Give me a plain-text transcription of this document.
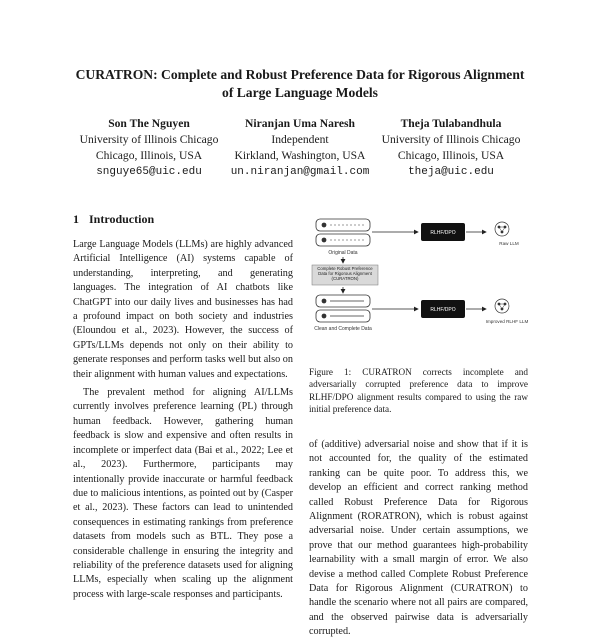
CURATRON: Complete and Robust Preference Data for Rigorous Alignment of Large Language Models
Son The Nguyen
University of Illinois Chicago
Chicago, Illinois, USA
snguye65@uic.edu
Niranjan Uma Naresh
Independent
Kirkland, Washington, USA
un.niranjan@gmail.com
Theja Tulabandhula
University of Illinois Chicago
Chicago, Illinois, USA
theja@uic.edu
1 Introduction

Large Language Models (LLMs) are highly advanced Artificial Intelligence (AI) systems capable of understanding, interpreting, and generating languages. The integration of AI chatbots like ChatGPT into our daily lives and businesses has had a profound impact on both society and industries (Eloundou et al., 2023). However, the success of GPTs/LLMs depends not only on their ability to generate responses and perform tasks well but also on their alignment with human values and expectations.

The prevalent method for aligning AI/LLMs currently involves preference learning (PL) through human feedback. However, gathering human feedback is slow and expensive and often results in incomplete or imperfect data (Bai et al., 2022; Lee et al., 2023). Furthermore, participants may intentionally provide inaccurate or harmful feedback due to malicious intentions, as pointed out by (Casper et al., 2023). These factors can lead to unintended consequences in estimating rankings from preference datasets from models such as BTL. They pose a considerable challenge in ensuring the integrity and reliability of the preference datasets used for aligning LLMs, especially when scaling up the alignment process with large-scale responses and participants.

Original Data
RLHF/DPO
Raw LLM
Complete Robust Preference Data for Rigorous Alignment (CURATRON)
Clean and Complete Data
RLHF/DPO
Improved RLHF LLM
Figure 1: CURATRON corrects incomplete and adversarially corrupted preference data to improve RLHF/DPO alignment results compared to using the raw initial preference data.

of (additive) adversarial noise and show that if it is not accounted for, the quality of the estimated ranking can be quite poor. To address this, we develop an efficient and correct ranking method called Robust Preference Data for Rigorous Alignment (RORATRON), which is robust against adversarial noise. Under certain assumptions, we prove that our method guarantees high-probability learnability with a small margin of error. We also devise a method called Complete Robust Preference Data for Rigorous Alignment (CURATRON) to handle the scenario where not all pairs are compared, and the observed pairwise data is adversarially corrupted.
